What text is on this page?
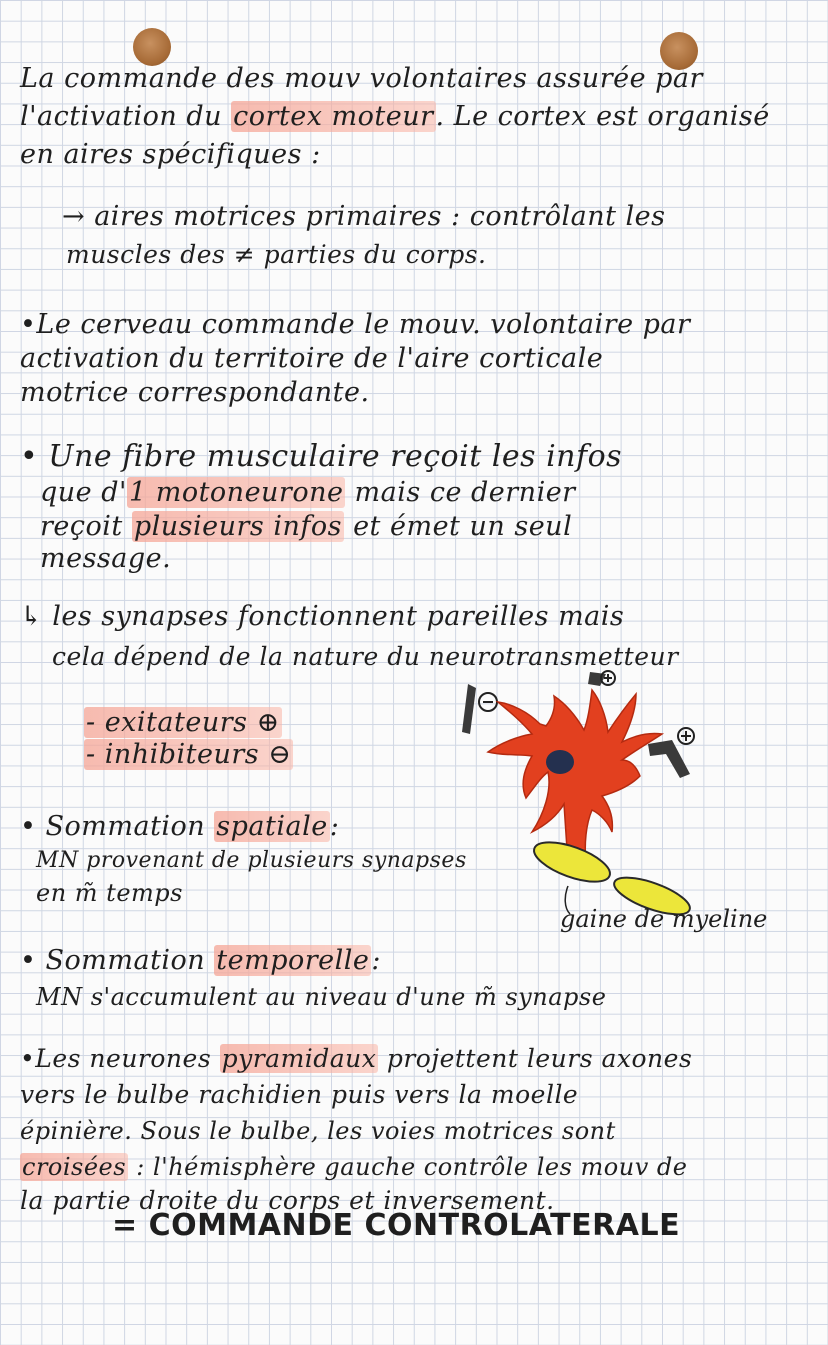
La commande des mouv volontaires assurée par
l'activation du cortex moteur. Le cortex est organisé
en aires spécifiques :
→ aires motrices primaires : contrôlant les
muscles des ≠ parties du corps.
•Le cerveau commande le mouv. volontaire par
activation du territoire de l'aire corticale
motrice correspondante.
• Une fibre musculaire reçoit les infos
que d'1 motoneurone mais ce dernier
reçoit plusieurs infos et émet un seul
message.
↳ les synapses fonctionnent pareilles mais
cela dépend de la nature du neurotransmetteur
- exitateurs ⊕
- inhibiteurs ⊖
• Sommation spatiale:
MN provenant de plusieurs synapses
en m̃ temps
gaine de myeline
• Sommation temporelle:
MN s'accumulent au niveau d'une m̃ synapse
•Les neurones pyramidaux projettent leurs axones
vers le bulbe rachidien puis vers la moelle
épinière. Sous le bulbe, les voies motrices sont
croisées : l'hémisphère gauche contrôle les mouv de
la partie droite du corps et inversement.
= COMMANDE CONTROLATERALE
